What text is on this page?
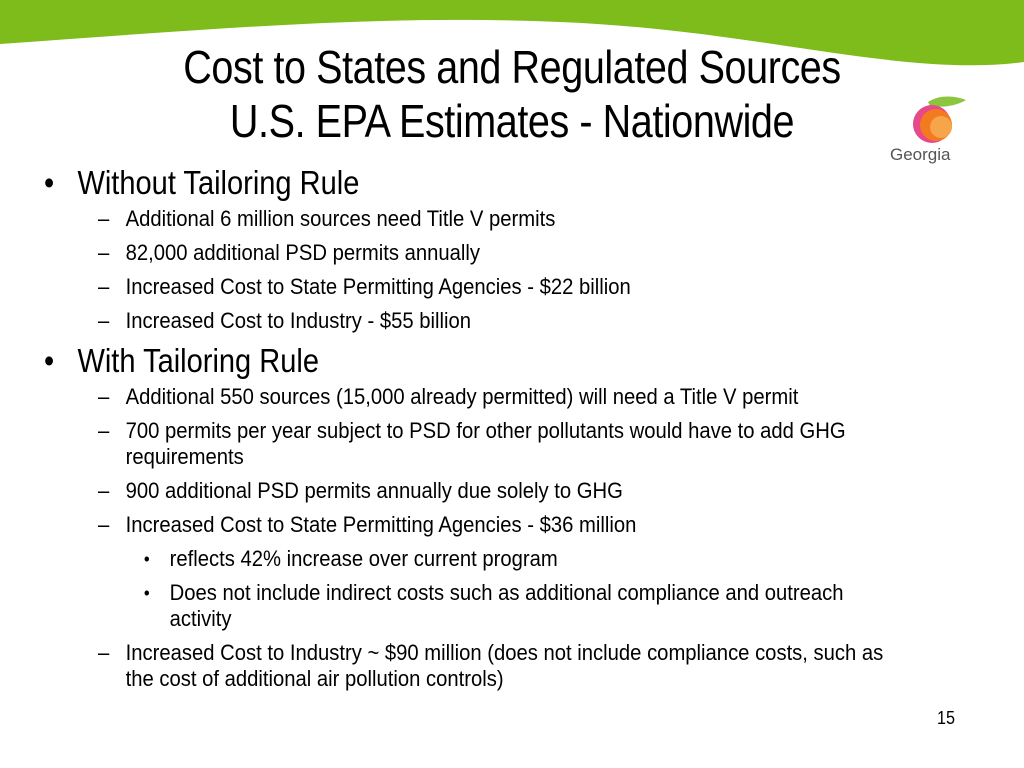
Cost to States and Regulated Sources
U.S. EPA Estimates - Nationwide
Georgia
• Without Tailoring Rule
– Additional 6 million sources need Title V permits
– 82,000 additional PSD permits annually
– Increased Cost to State Permitting Agencies - $22 billion
– Increased Cost to Industry - $55 billion
• With Tailoring Rule
– Additional 550 sources (15,000 already permitted) will need a Title V permit
– 700 permits per year subject to PSD for other pollutants would have to add GHG requirements
– 900 additional PSD permits annually due solely to GHG
– Increased Cost to State Permitting Agencies - $36 million
• reflects 42% increase over current program
• Does not include indirect costs such as additional compliance and outreach activity
– Increased Cost to Industry ~ $90 million (does not include compliance costs, such as the cost of additional air pollution controls)
15
